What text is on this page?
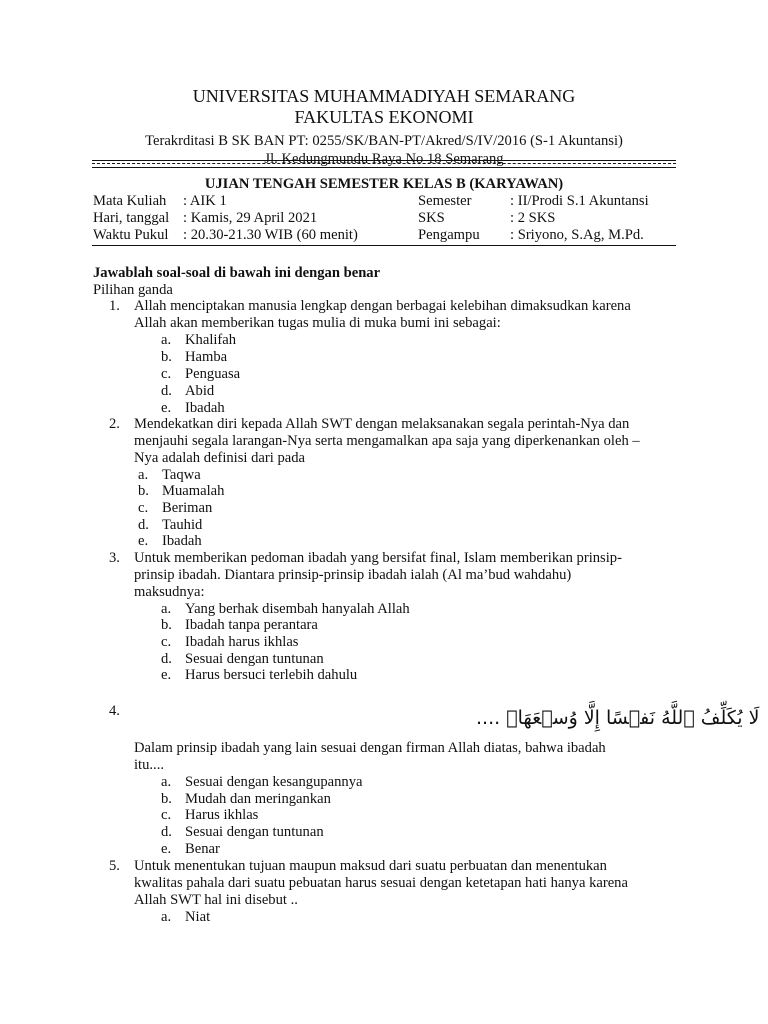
UNIVERSITAS MUHAMMADIYAH SEMARANG
FAKULTAS EKONOMI
Terakrditasi B SK BAN PT: 0255/SK/BAN-PT/Akred/S/IV/2016 (S-1 Akuntansi)
Jl. Kedungmundu Raya No 18 Semarang
UJIAN TENGAH SEMESTER KELAS B (KARYAWAN)
Mata Kuliah : AIK 1	Semester	: II/Prodi S.1 Akuntansi
Hari, tanggal : Kamis, 29 April 2021	SKS	: 2 SKS
Waktu Pukul : 20.30-21.30 WIB (60 menit)	Pengampu : Sriyono, S.Ag, M.Pd.
Jawablah soal-soal di bawah ini dengan benar
Pilihan ganda
1. Allah menciptakan manusia lengkap dengan berbagai kelebihan dimaksudkan karena
Allah akan memberikan tugas mulia di muka bumi ini sebagai:
a. Khalifah
b. Hamba
c. Penguasa
d. Abid
e. Ibadah
2. Mendekatkan diri kepada Allah SWT dengan melaksanakan segala perintah-Nya dan
menjauhi segala larangan-Nya serta mengamalkan apa saja yang diperkenankan oleh –
Nya adalah definisi dari pada
a. Taqwa
b. Muamalah
c. Beriman
d. Tauhid
e. Ibadah
3. Untuk memberikan pedoman ibadah yang bersifat final, Islam memberikan prinsip-
prinsip ibadah. Diantara prinsip-prinsip ibadah ialah (Al ma’bud wahdahu)
maksudnya:
a. Yang berhak disembah hanyalah Allah
b. Ibadah tanpa perantara
c. Ibadah harus ikhlas
d. Sesuai dengan tuntunan
e. Harus bersuci terlebih dahulu
4.	لَا يُكَلِّفُ ٱللَّهُ نَفۡسًا إِلَّا وُسۡعَهَاۚ ....
Dalam prinsip ibadah yang lain sesuai dengan firman Allah diatas, bahwa ibadah
itu....
a. Sesuai dengan kesangupannya
b. Mudah dan meringankan
c. Harus ikhlas
d. Sesuai dengan tuntunan
e. Benar
5. Untuk menentukan tujuan maupun maksud dari suatu perbuatan dan menentukan
kwalitas pahala dari suatu pebuatan harus sesuai dengan ketetapan hati hanya karena
Allah SWT hal ini disebut ..
a. Niat
